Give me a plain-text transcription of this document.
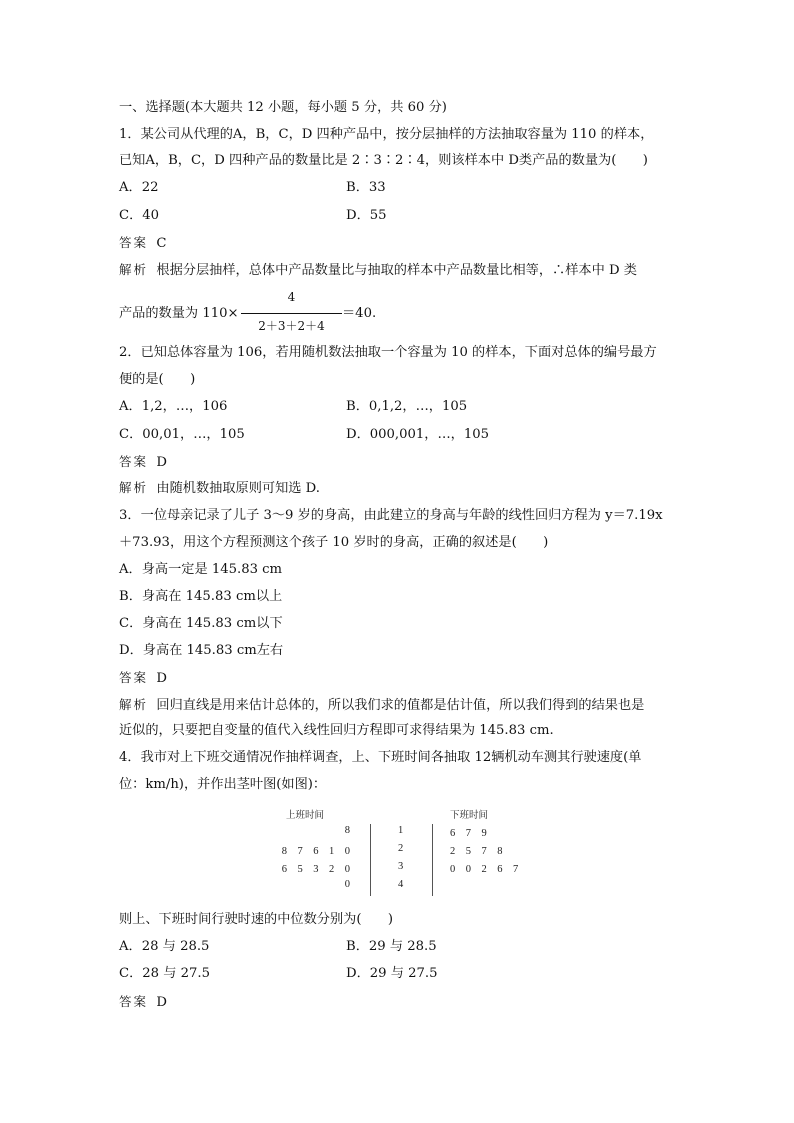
一、选择题(本大题共 12 小题，每小题 5 分，共 60 分)
1．某公司从代理的A，B，C，D 四种产品中，按分层抽样的方法抽取容量为 110 的样本，
已知A，B，C，D 四种产品的数量比是 2∶3∶2∶4，则该样本中 D类产品的数量为(　　)
A．22	B．33
C．40	D．55
答案 C
解析 根据分层抽样，总体中产品数量比与抽取的样本中产品数量比相等，∴样本中 D 类
4
2＋3＋2＋4
产品的数量为 110×	＝40.
2．已知总体容量为 106，若用随机数法抽取一个容量为 10 的样本，下面对总体的编号最方
便的是(　　)
A．1,2，…，106	B．0,1,2，…，105
C．00,01，…，105	D．000,001，…，105
答案 D
解析 由随机数抽取原则可知选 D.
3．一位母亲记录了儿子 3～9 岁的身高，由此建立的身高与年龄的线性回归方程为 y＝7.19x
＋73.93，用这个方程预测这个孩子 10 岁时的身高，正确的叙述是(　　)
A．身高一定是 145.83 cm
B．身高在 145.83 cm以上
C．身高在 145.83 cm以下
D．身高在 145.83 cm左右
答案 D
解析 回归直线是用来估计总体的，所以我们求的值都是估计值，所以我们得到的结果也是
近似的，只要把自变量的值代入线性回归方程即可求得结果为 145.83 cm.
4．我市对上下班交通情况作抽样调查，上、下班时间各抽取 12辆机动车测其行驶速度(单
位：km/h)，并作出茎叶图(如图)：
上班时间	下班时间
8	1	6　7　9
8　7　6　1　0	2	2　5　7　8
6　5　3　2　0	3	0　0　2　6　7
0	4
则上、下班时间行驶时速的中位数分别为(　　)
A．28 与 28.5	B．29 与 28.5
C．28 与 27.5	D．29 与 27.5
答案 D
